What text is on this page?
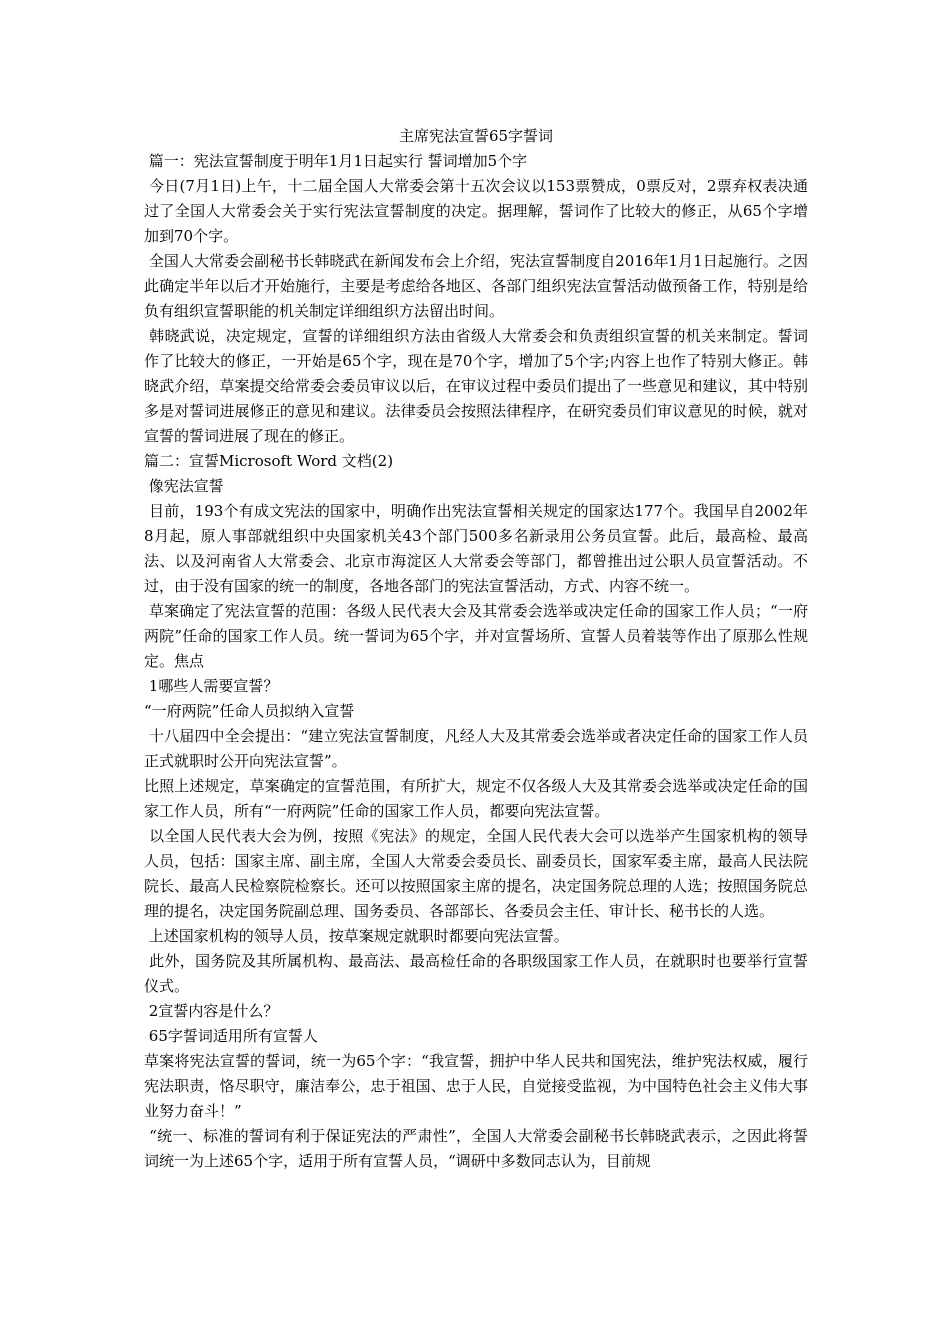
主席宪法宣誓65字誓词

篇一：宪法宣誓制度于明年1月1日起实行 誓词增加5个字

今日(7月1日)上午，十二届全国人大常委会第十五次会议以153票赞成，0票反对，2票弃权表决通过了全国人大常委会关于实行宪法宣誓制度的决定。据理解，誓词作了比较大的修正，从65个字增加到70个字。

全国人大常委会副秘书长韩晓武在新闻发布会上介绍，宪法宣誓制度自2016年1月1日起施行。之因此确定半年以后才开始施行，主要是考虑给各地区、各部门组织宪法宣誓活动做预备工作，特别是给负有组织宣誓职能的机关制定详细组织方法留出时间。

韩晓武说，决定规定，宣誓的详细组织方法由省级人大常委会和负责组织宣誓的机关来制定。誓词作了比较大的修正，一开始是65个字，现在是70个字，增加了5个字;内容上也作了特别大修正。韩晓武介绍，草案提交给常委会委员审议以后，在审议过程中委员们提出了一些意见和建议，其中特别多是对誓词进展修正的意见和建议。法律委员会按照法律程序，在研究委员们审议意见的时候，就对宣誓的誓词进展了现在的修正。

篇二：宣誓Microsoft Word 文档(2)

像宪法宣誓

目前，193个有成文宪法的国家中，明确作出宪法宣誓相关规定的国家达177个。我国早自2002年8月起，原人事部就组织中央国家机关43个部门500多名新录用公务员宣誓。此后，最高检、最高法、以及河南省人大常委会、北京市海淀区人大常委会等部门，都曾推出过公职人员宣誓活动。不过，由于没有国家的统一的制度，各地各部门的宪法宣誓活动，方式、内容不统一。

草案确定了宪法宣誓的范围：各级人民代表大会及其常委会选举或决定任命的国家工作人员；“一府两院”任命的国家工作人员。统一誓词为65个字，并对宣誓场所、宣誓人员着装等作出了原那么性规定。焦点

1哪些人需要宣誓？

“一府两院”任命人员拟纳入宣誓

十八届四中全会提出：“建立宪法宣誓制度，凡经人大及其常委会选举或者决定任命的国家工作人员正式就职时公开向宪法宣誓”。

比照上述规定，草案确定的宣誓范围，有所扩大，规定不仅各级人大及其常委会选举或决定任命的国家工作人员，所有“一府两院”任命的国家工作人员，都要向宪法宣誓。

以全国人民代表大会为例，按照《宪法》的规定，全国人民代表大会可以选举产生国家机构的领导人员，包括：国家主席、副主席，全国人大常委会委员长、副委员长，国家军委主席，最高人民法院院长、最高人民检察院检察长。还可以按照国家主席的提名，决定国务院总理的人选；按照国务院总理的提名，决定国务院副总理、国务委员、各部部长、各委员会主任、审计长、秘书长的人选。

上述国家机构的领导人员，按草案规定就职时都要向宪法宣誓。

此外，国务院及其所属机构、最高法、最高检任命的各职级国家工作人员，在就职时也要举行宣誓仪式。

2宣誓内容是什么？

65字誓词适用所有宣誓人

草案将宪法宣誓的誓词，统一为65个字：“我宣誓，拥护中华人民共和国宪法，维护宪法权威，履行宪法职责，恪尽职守，廉洁奉公，忠于祖国、忠于人民，自觉接受监视，为中国特色社会主义伟大事业努力奋斗！”

“统一、标准的誓词有利于保证宪法的严肃性”，全国人大常委会副秘书长韩晓武表示，之因此将誓词统一为上述65个字，适用于所有宣誓人员，“调研中多数同志认为，目前规
